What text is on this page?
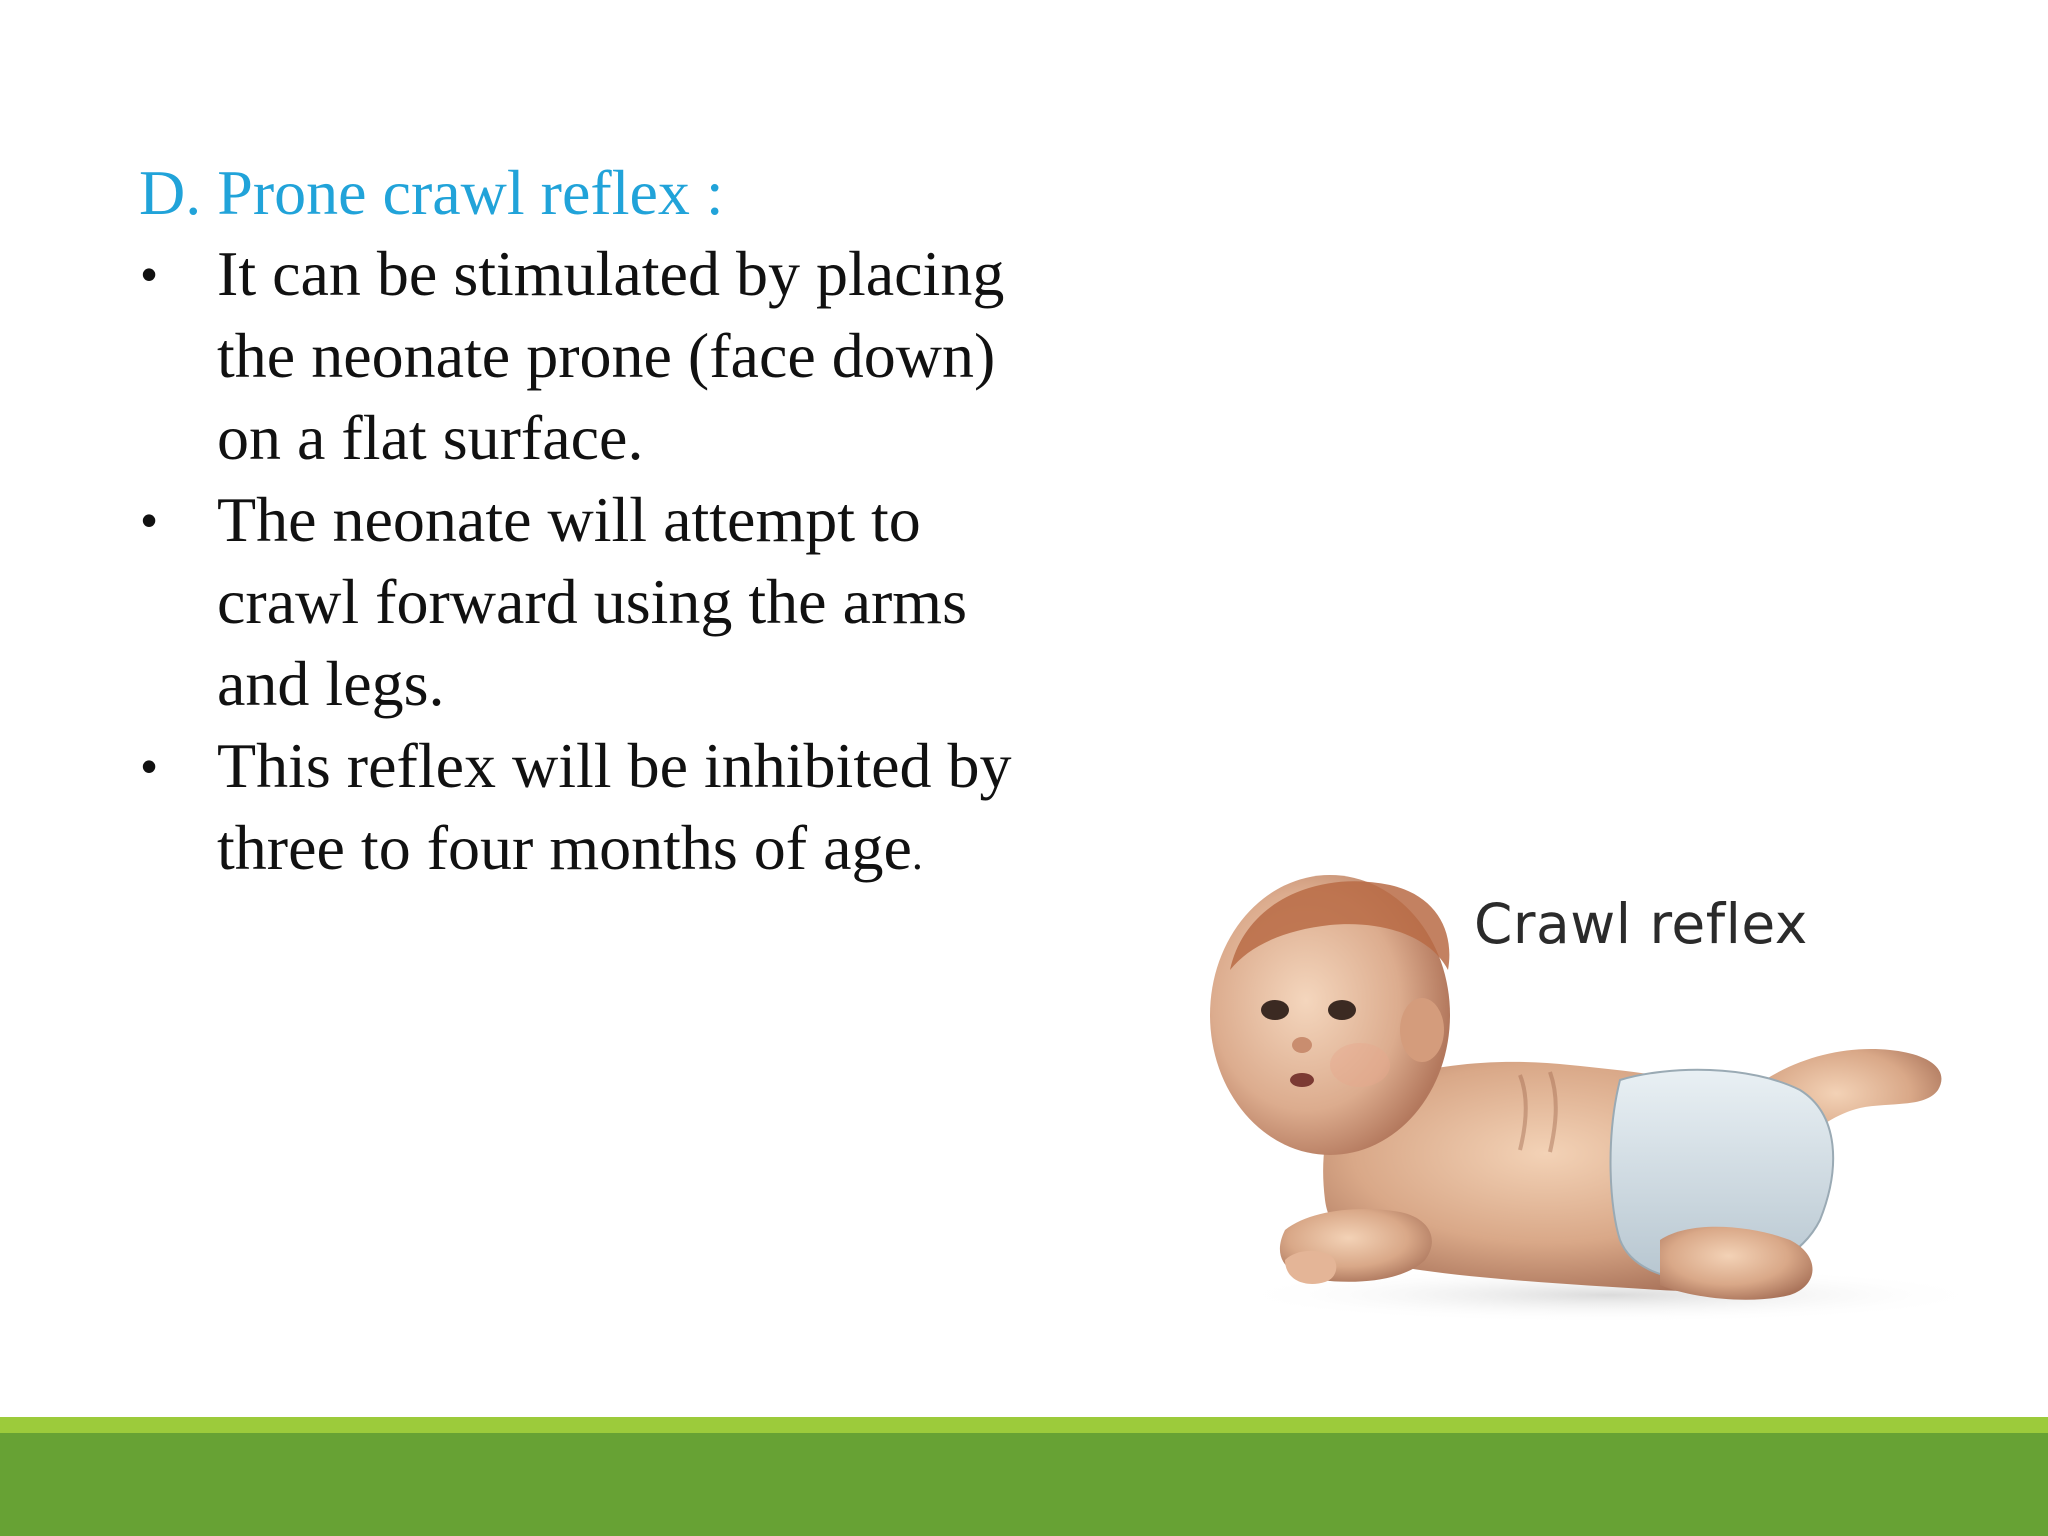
D. Prone crawl reflex :
• It can be stimulated by placing
the neonate prone (face down)
on a flat surface.
• The neonate will attempt to
crawl forward using the arms
and legs.
• This reflex will be inhibited by
three to four months of age.
Crawl reflex
